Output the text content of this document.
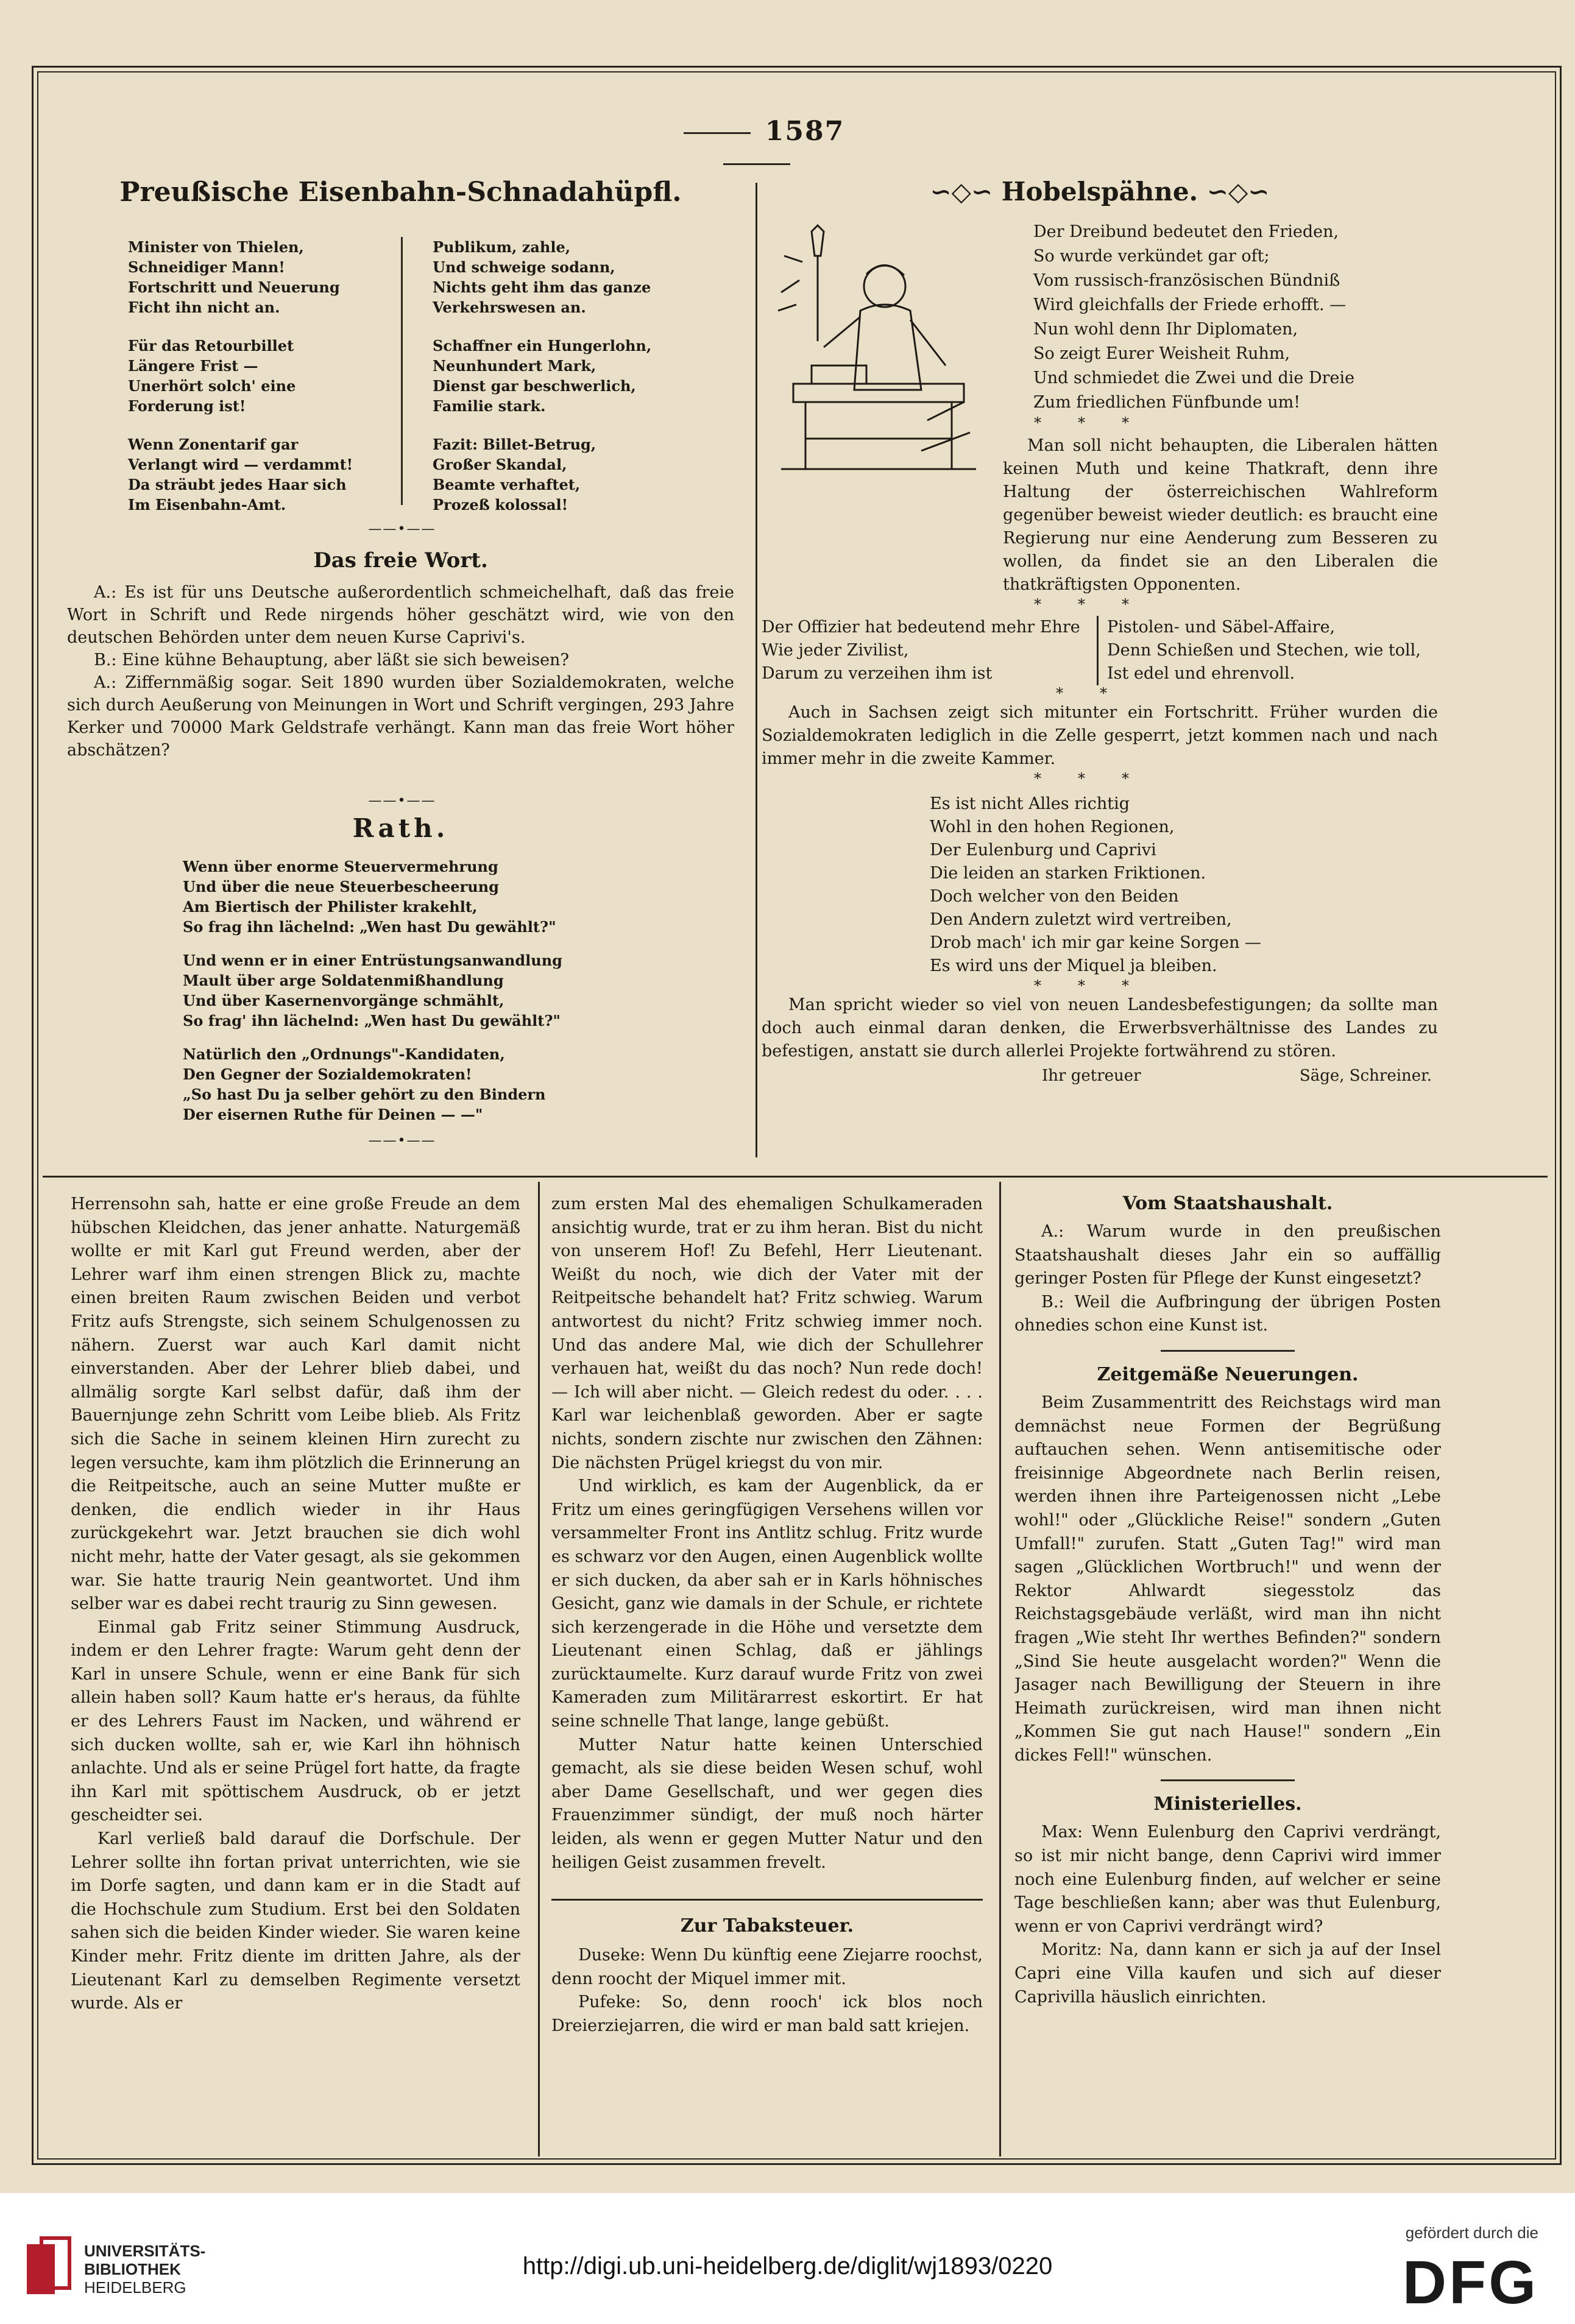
1587
Preußische Eisenbahn-Schnadahüpfl.
Minister von Thielen,
Schneidiger Mann!
Fortschritt und Neuerung
Ficht ihn nicht an.
Für das Retourbillet
Längere Frist —
Unerhört solch' eine
Forderung ist!
Wenn Zonentarif gar
Verlangt wird — verdammt!
Da sträubt jedes Haar sich
Im Eisenbahn-Amt.
Publikum, zahle,
Und schweige sodann,
Nichts geht ihm das ganze
Verkehrswesen an.
Schaffner ein Hungerlohn,
Neunhundert Mark,
Dienst gar beschwerlich,
Familie stark.
Fazit: Billet-Betrug,
Großer Skandal,
Beamte verhaftet,
Prozeß kolossal!
——•——
Das freie Wort.

A.: Es ist für uns Deutsche außerordentlich schmeichelhaft, daß das freie Wort in Schrift und Rede nirgends höher geschätzt wird, wie von den deutschen Behörden unter dem neuen Kurse Caprivi's.

B.: Eine kühne Behauptung, aber läßt sie sich beweisen?

A.: Ziffernmäßig sogar. Seit 1890 wurden über Sozialdemokraten, welche sich durch Aeußerung von Meinungen in Wort und Schrift vergingen, 293 Jahre Kerker und 70000 Mark Geldstrafe verhängt. Kann man das freie Wort höher abschätzen?

——•——
Rath.
Wenn über enorme Steuervermehrung
Und über die neue Steuerbescheerung
Am Biertisch der Philister krakehlt,
So frag ihn lächelnd: „Wen hast Du gewählt?"
Und wenn er in einer Entrüstungsanwandlung
Mault über arge Soldatenmißhandlung
Und über Kasernenvorgänge schmählt,
So frag' ihn lächelnd: „Wen hast Du gewählt?"
Natürlich den „Ordnungs"-Kandidaten,
Den Gegner der Sozialdemokraten!
„So hast Du ja selber gehört zu den Bindern
Der eisernen Ruthe für Deinen — —"
——•——
∽◇∽ Hobelspähne. ∽◇∽
Der Dreibund bedeutet den Frieden,
So wurde verkündet gar oft;
Vom russisch-französischen Bündniß
Wird gleichfalls der Friede erhofft. —
Nun wohl denn Ihr Diplomaten,
So zeigt Eurer Weisheit Ruhm,
Und schmiedet die Zwei und die Dreie
Zum friedlichen Fünfbunde um!
***

Man soll nicht behaupten, die Liberalen hätten keinen Muth und keine Thatkraft, denn ihre Haltung der österreichischen Wahlreform gegenüber beweist wieder deutlich: es braucht eine Regierung nur eine Aenderung zum Besseren zu wollen, da findet sie an den Liberalen die thatkräftigsten Opponenten.

***
Der Offizier hat bedeutend mehr Ehre
Wie jeder Zivilist,
Darum zu verzeihen ihm ist
Pistolen- und Säbel-Affaire,
Denn Schießen und Stechen, wie toll,
Ist edel und ehrenvoll.
**

Auch in Sachsen zeigt sich mitunter ein Fortschritt. Früher wurden die Sozialdemokraten lediglich in die Zelle gesperrt, jetzt kommen nach und nach immer mehr in die zweite Kammer.

***
Es ist nicht Alles richtig
Wohl in den hohen Regionen,
Der Eulenburg und Caprivi
Die leiden an starken Friktionen.
Doch welcher von den Beiden
Den Andern zuletzt wird vertreiben,
Drob mach' ich mir gar keine Sorgen —
Es wird uns der Miquel ja bleiben.
***

Man spricht wieder so viel von neuen Landesbefestigungen; da sollte man doch auch einmal daran denken, die Erwerbsverhältnisse des Landes zu befestigen, anstatt sie durch allerlei Projekte fortwährend zu stören.

Ihr getreuer	Säge, Schreiner.

Herrensohn sah, hatte er eine große Freude an dem hübschen Kleidchen, das jener anhatte. Naturgemäß wollte er mit Karl gut Freund werden, aber der Lehrer warf ihm einen strengen Blick zu, machte einen breiten Raum zwischen Beiden und verbot Fritz aufs Strengste, sich seinem Schulgenossen zu nähern. Zuerst war auch Karl damit nicht einverstanden. Aber der Lehrer blieb dabei, und allmälig sorgte Karl selbst dafür, daß ihm der Bauernjunge zehn Schritt vom Leibe blieb. Als Fritz sich die Sache in seinem kleinen Hirn zurecht zu legen versuchte, kam ihm plötzlich die Erinnerung an die Reitpeitsche, auch an seine Mutter mußte er denken, die endlich wieder in ihr Haus zurückgekehrt war. Jetzt brauchen sie dich wohl nicht mehr, hatte der Vater gesagt, als sie gekommen war. Sie hatte traurig Nein geantwortet. Und ihm selber war es dabei recht traurig zu Sinn gewesen.

Einmal gab Fritz seiner Stimmung Ausdruck, indem er den Lehrer fragte: Warum geht denn der Karl in unsere Schule, wenn er eine Bank für sich allein haben soll? Kaum hatte er's heraus, da fühlte er des Lehrers Faust im Nacken, und während er sich ducken wollte, sah er, wie Karl ihn höhnisch anlachte. Und als er seine Prügel fort hatte, da fragte ihn Karl mit spöttischem Ausdruck, ob er jetzt gescheidter sei.

Karl verließ bald darauf die Dorfschule. Der Lehrer sollte ihn fortan privat unterrichten, wie sie im Dorfe sagten, und dann kam er in die Stadt auf die Hochschule zum Studium. Erst bei den Soldaten sahen sich die beiden Kinder wieder. Sie waren keine Kinder mehr. Fritz diente im dritten Jahre, als der Lieutenant Karl zu demselben Regimente versetzt wurde. Als er

zum ersten Mal des ehemaligen Schulkameraden ansichtig wurde, trat er zu ihm heran. Bist du nicht von unserem Hof! Zu Befehl, Herr Lieutenant. Weißt du noch, wie dich der Vater mit der Reitpeitsche behandelt hat? Fritz schwieg. Warum antwortest du nicht? Fritz schwieg immer noch. Und das andere Mal, wie dich der Schullehrer verhauen hat, weißt du das noch? Nun rede doch! — Ich will aber nicht. — Gleich redest du oder. . . . Karl war leichenblaß geworden. Aber er sagte nichts, sondern zischte nur zwischen den Zähnen: Die nächsten Prügel kriegst du von mir.

Und wirklich, es kam der Augenblick, da er Fritz um eines geringfügigen Versehens willen vor versammelter Front ins Antlitz schlug. Fritz wurde es schwarz vor den Augen, einen Augenblick wollte er sich ducken, da aber sah er in Karls höhnisches Gesicht, ganz wie damals in der Schule, er richtete sich kerzengerade in die Höhe und versetzte dem Lieutenant einen Schlag, daß er jählings zurücktaumelte. Kurz darauf wurde Fritz von zwei Kameraden zum Militärarrest eskortirt. Er hat seine schnelle That lange, lange gebüßt.

Mutter Natur hatte keinen Unterschied gemacht, als sie diese beiden Wesen schuf, wohl aber Dame Gesellschaft, und wer gegen dies Frauenzimmer sündigt, der muß noch härter leiden, als wenn er gegen Mutter Natur und den heiligen Geist zusammen frevelt.

Zur Tabaksteuer.

Duseke: Wenn Du künftig eene Ziejarre roochst, denn roocht der Miquel immer mit.

Pufeke: So, denn rooch' ick blos noch Dreierziejarren, die wird er man bald satt kriejen.

Vom Staatshaushalt.

A.: Warum wurde in den preußischen Staatshaushalt dieses Jahr ein so auffällig geringer Posten für Pflege der Kunst eingesetzt?

B.: Weil die Aufbringung der übrigen Posten ohnedies schon eine Kunst ist.

Zeitgemäße Neuerungen.

Beim Zusammentritt des Reichstags wird man demnächst neue Formen der Begrüßung auftauchen sehen. Wenn antisemitische oder freisinnige Abgeordnete nach Berlin reisen, werden ihnen ihre Parteigenossen nicht „Lebe wohl!" oder „Glückliche Reise!" sondern „Guten Umfall!" zurufen. Statt „Guten Tag!" wird man sagen „Glücklichen Wortbruch!" und wenn der Rektor Ahlwardt siegesstolz das Reichstagsgebäude verläßt, wird man ihn nicht fragen „Wie steht Ihr werthes Befinden?" sondern „Sind Sie heute ausgelacht worden?" Wenn die Jasager nach Bewilligung der Steuern in ihre Heimath zurückreisen, wird man ihnen nicht „Kommen Sie gut nach Hause!" sondern „Ein dickes Fell!" wünschen.

Ministerielles.

Max: Wenn Eulenburg den Caprivi verdrängt, so ist mir nicht bange, denn Caprivi wird immer noch eine Eulenburg finden, auf welcher er seine Tage beschließen kann; aber was thut Eulenburg, wenn er von Caprivi verdrängt wird?

Moritz: Na, dann kann er sich ja auf der Insel Capri eine Villa kaufen und sich auf dieser Caprivilla häuslich einrichten.

UNIVERSITÄTS-
BIBLIOTHEK
HEIDELBERG
http://digi.ub.uni-heidelberg.de/diglit/wj1893/0220
gefördert durch die
DFG
